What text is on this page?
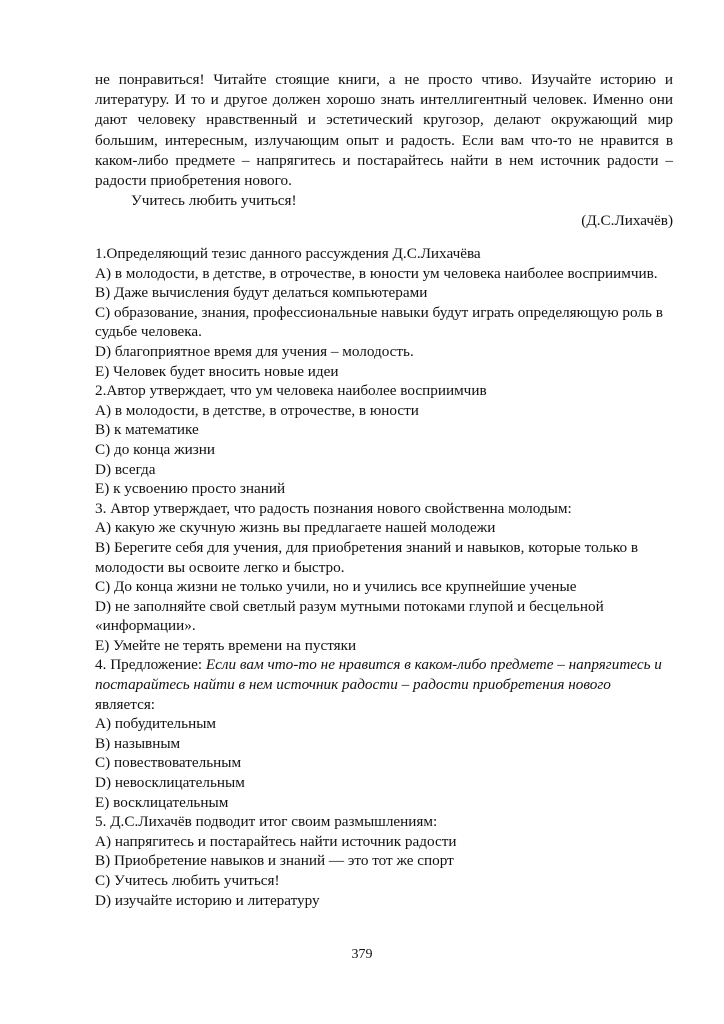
не понравиться! Читайте стоящие книги, а не просто чтиво. Изучайте историю и литературу. И то и другое должен хорошо знать интеллигентный человек. Именно они дают человеку нравственный и эстетический кругозор, делают окружающий мир большим, интересным, излучающим опыт и радость. Если вам что-то не нравится в каком-либо предмете – напрягитесь и постарайтесь найти в нем источник радости – радости приобретения нового.

Учитесь любить учиться!

(Д.С.Лихачёв)

1.Определяющий тезис данного рассуждения Д.С.Лихачёва

А) в молодости, в детстве, в отрочестве, в юности ум человека наиболее восприимчив.

B) Даже вычисления будут делаться компьютерами

С) образование, знания, профессиональные навыки будут играть определяющую роль в судьбе человека.

D) благоприятное время для учения – молодость.

Е) Человек будет вносить новые идеи

2.Автор утверждает, что ум человека наиболее восприимчив

А) в молодости, в детстве, в отрочестве, в юности

B) к математике

С) до конца жизни

D) всегда

Е) к усвоению просто знаний

3. Автор утверждает, что радость познания нового свойственна молодым:

А) какую же скучную жизнь вы предлагаете нашей молодежи

B) Берегите себя для учения, для приобретения знаний и навыков, которые только в молодости вы освоите легко и быстро.

С) До конца жизни не только учили, но и учились все крупнейшие ученые

D) не заполняйте свой светлый разум мутными потоками глупой и бесцельной «информации».

Е) Умейте не терять времени на пустяки

4. Предложение: Если вам что-то не нравится в каком-либо предмете – напрягитесь и постарайтесь найти в нем источник радости – радости приобретения нового является:

А) побудительным

B) назывным

С) повествовательным

D) невосклицательным

Е) восклицательным

5. Д.С.Лихачёв подводит итог своим размышлениям:

А) напрягитесь и постарайтесь найти источник радости

B) Приобретение навыков и знаний — это тот же спорт

С) Учитесь любить учиться!

D) изучайте историю и литературу

379
